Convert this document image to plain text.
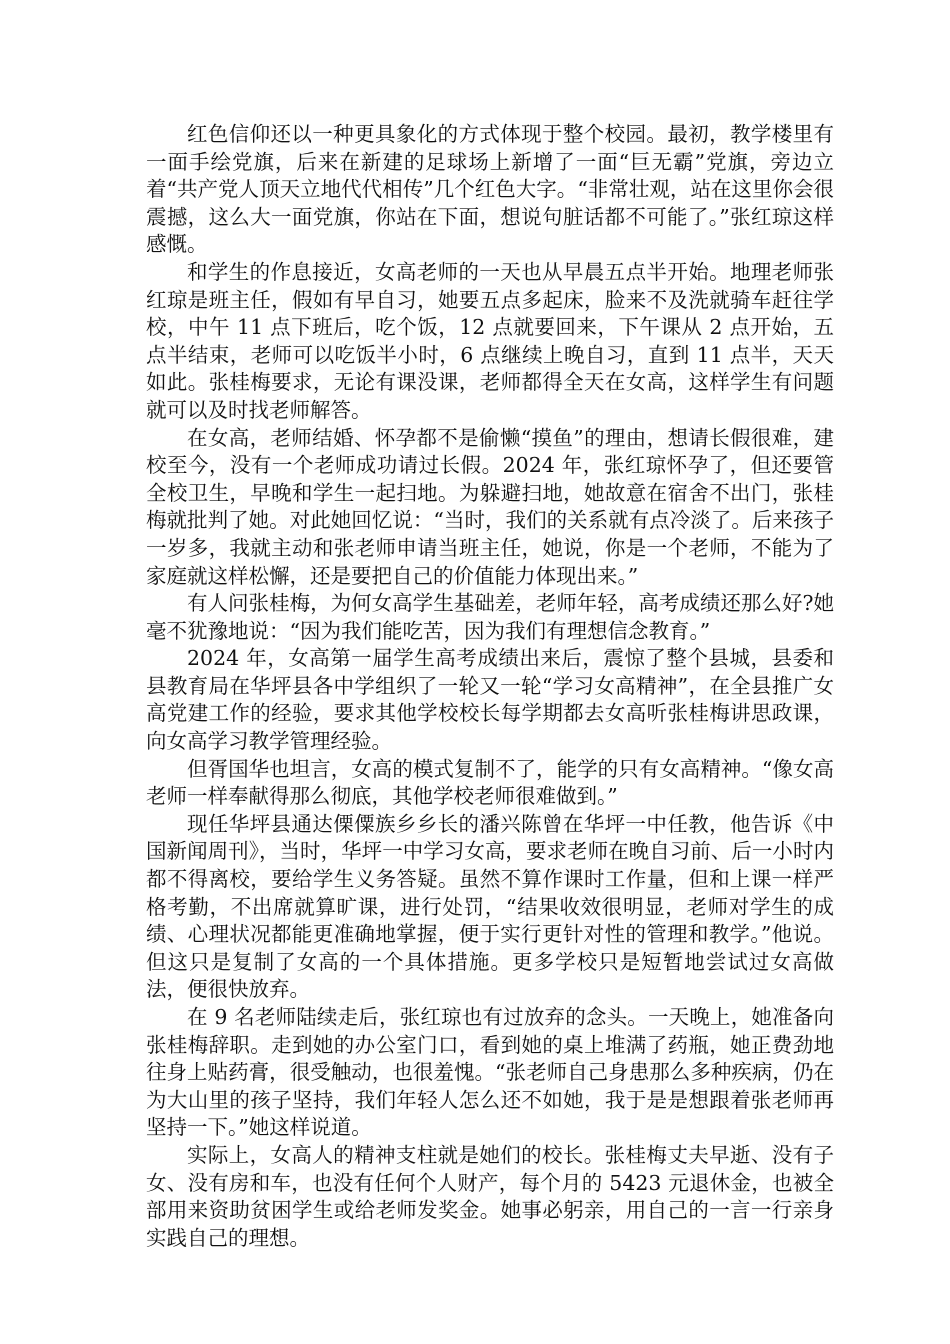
红色信仰还以一种更具象化的方式体现于整个校园。最初，教学楼里有一面手绘党旗，后来在新建的足球场上新增了一面“巨无霸”党旗，旁边立着“共产党人顶天立地代代相传”几个红色大字。“非常壮观，站在这里你会很震撼，这么大一面党旗，你站在下面，想说句脏话都不可能了。”张红琼这样感慨。

和学生的作息接近，女高老师的一天也从早晨五点半开始。地理老师张红琼是班主任，假如有早自习，她要五点多起床，脸来不及洗就骑车赶往学校，中午 11 点下班后，吃个饭，12 点就要回来，下午课从 2 点开始，五点半结束，老师可以吃饭半小时，6 点继续上晚自习，直到 11 点半，天天如此。张桂梅要求，无论有课没课，老师都得全天在女高，这样学生有问题就可以及时找老师解答。

在女高，老师结婚、怀孕都不是偷懒“摸鱼”的理由，想请长假很难，建校至今，没有一个老师成功请过长假。2024 年，张红琼怀孕了，但还要管全校卫生，早晚和学生一起扫地。为躲避扫地，她故意在宿舍不出门，张桂梅就批判了她。对此她回忆说：“当时，我们的关系就有点冷淡了。后来孩子一岁多，我就主动和张老师申请当班主任，她说，你是一个老师，不能为了家庭就这样松懈，还是要把自己的价值能力体现出来。”

有人问张桂梅，为何女高学生基础差，老师年轻，高考成绩还那么好?她毫不犹豫地说：“因为我们能吃苦，因为我们有理想信念教育。”

2024 年，女高第一届学生高考成绩出来后，震惊了整个县城，县委和县教育局在华坪县各中学组织了一轮又一轮“学习女高精神”，在全县推广女高党建工作的经验，要求其他学校校长每学期都去女高听张桂梅讲思政课，向女高学习教学管理经验。

但胥国华也坦言，女高的模式复制不了，能学的只有女高精神。“像女高老师一样奉献得那么彻底，其他学校老师很难做到。”

现任华坪县通达傈僳族乡乡长的潘兴陈曾在华坪一中任教，他告诉《中国新闻周刊》，当时，华坪一中学习女高，要求老师在晚自习前、后一小时内都不得离校，要给学生义务答疑。虽然不算作课时工作量，但和上课一样严格考勤，不出席就算旷课，进行处罚，“结果收效很明显，老师对学生的成绩、心理状况都能更准确地掌握，便于实行更针对性的管理和教学。”他说。但这只是复制了女高的一个具体措施。更多学校只是短暂地尝试过女高做法，便很快放弃。

在 9 名老师陆续走后，张红琼也有过放弃的念头。一天晚上，她准备向张桂梅辞职。走到她的办公室门口，看到她的桌上堆满了药瓶，她正费劲地往身上贴药膏，很受触动，也很羞愧。“张老师自己身患那么多种疾病，仍在为大山里的孩子坚持，我们年轻人怎么还不如她，我于是是想跟着张老师再坚持一下。”她这样说道。

实际上，女高人的精神支柱就是她们的校长。张桂梅丈夫早逝、没有子女、没有房和车，也没有任何个人财产，每个月的 5423 元退休金，也被全部用来资助贫困学生或给老师发奖金。她事必躬亲，用自己的一言一行亲身实践自己的理想。
